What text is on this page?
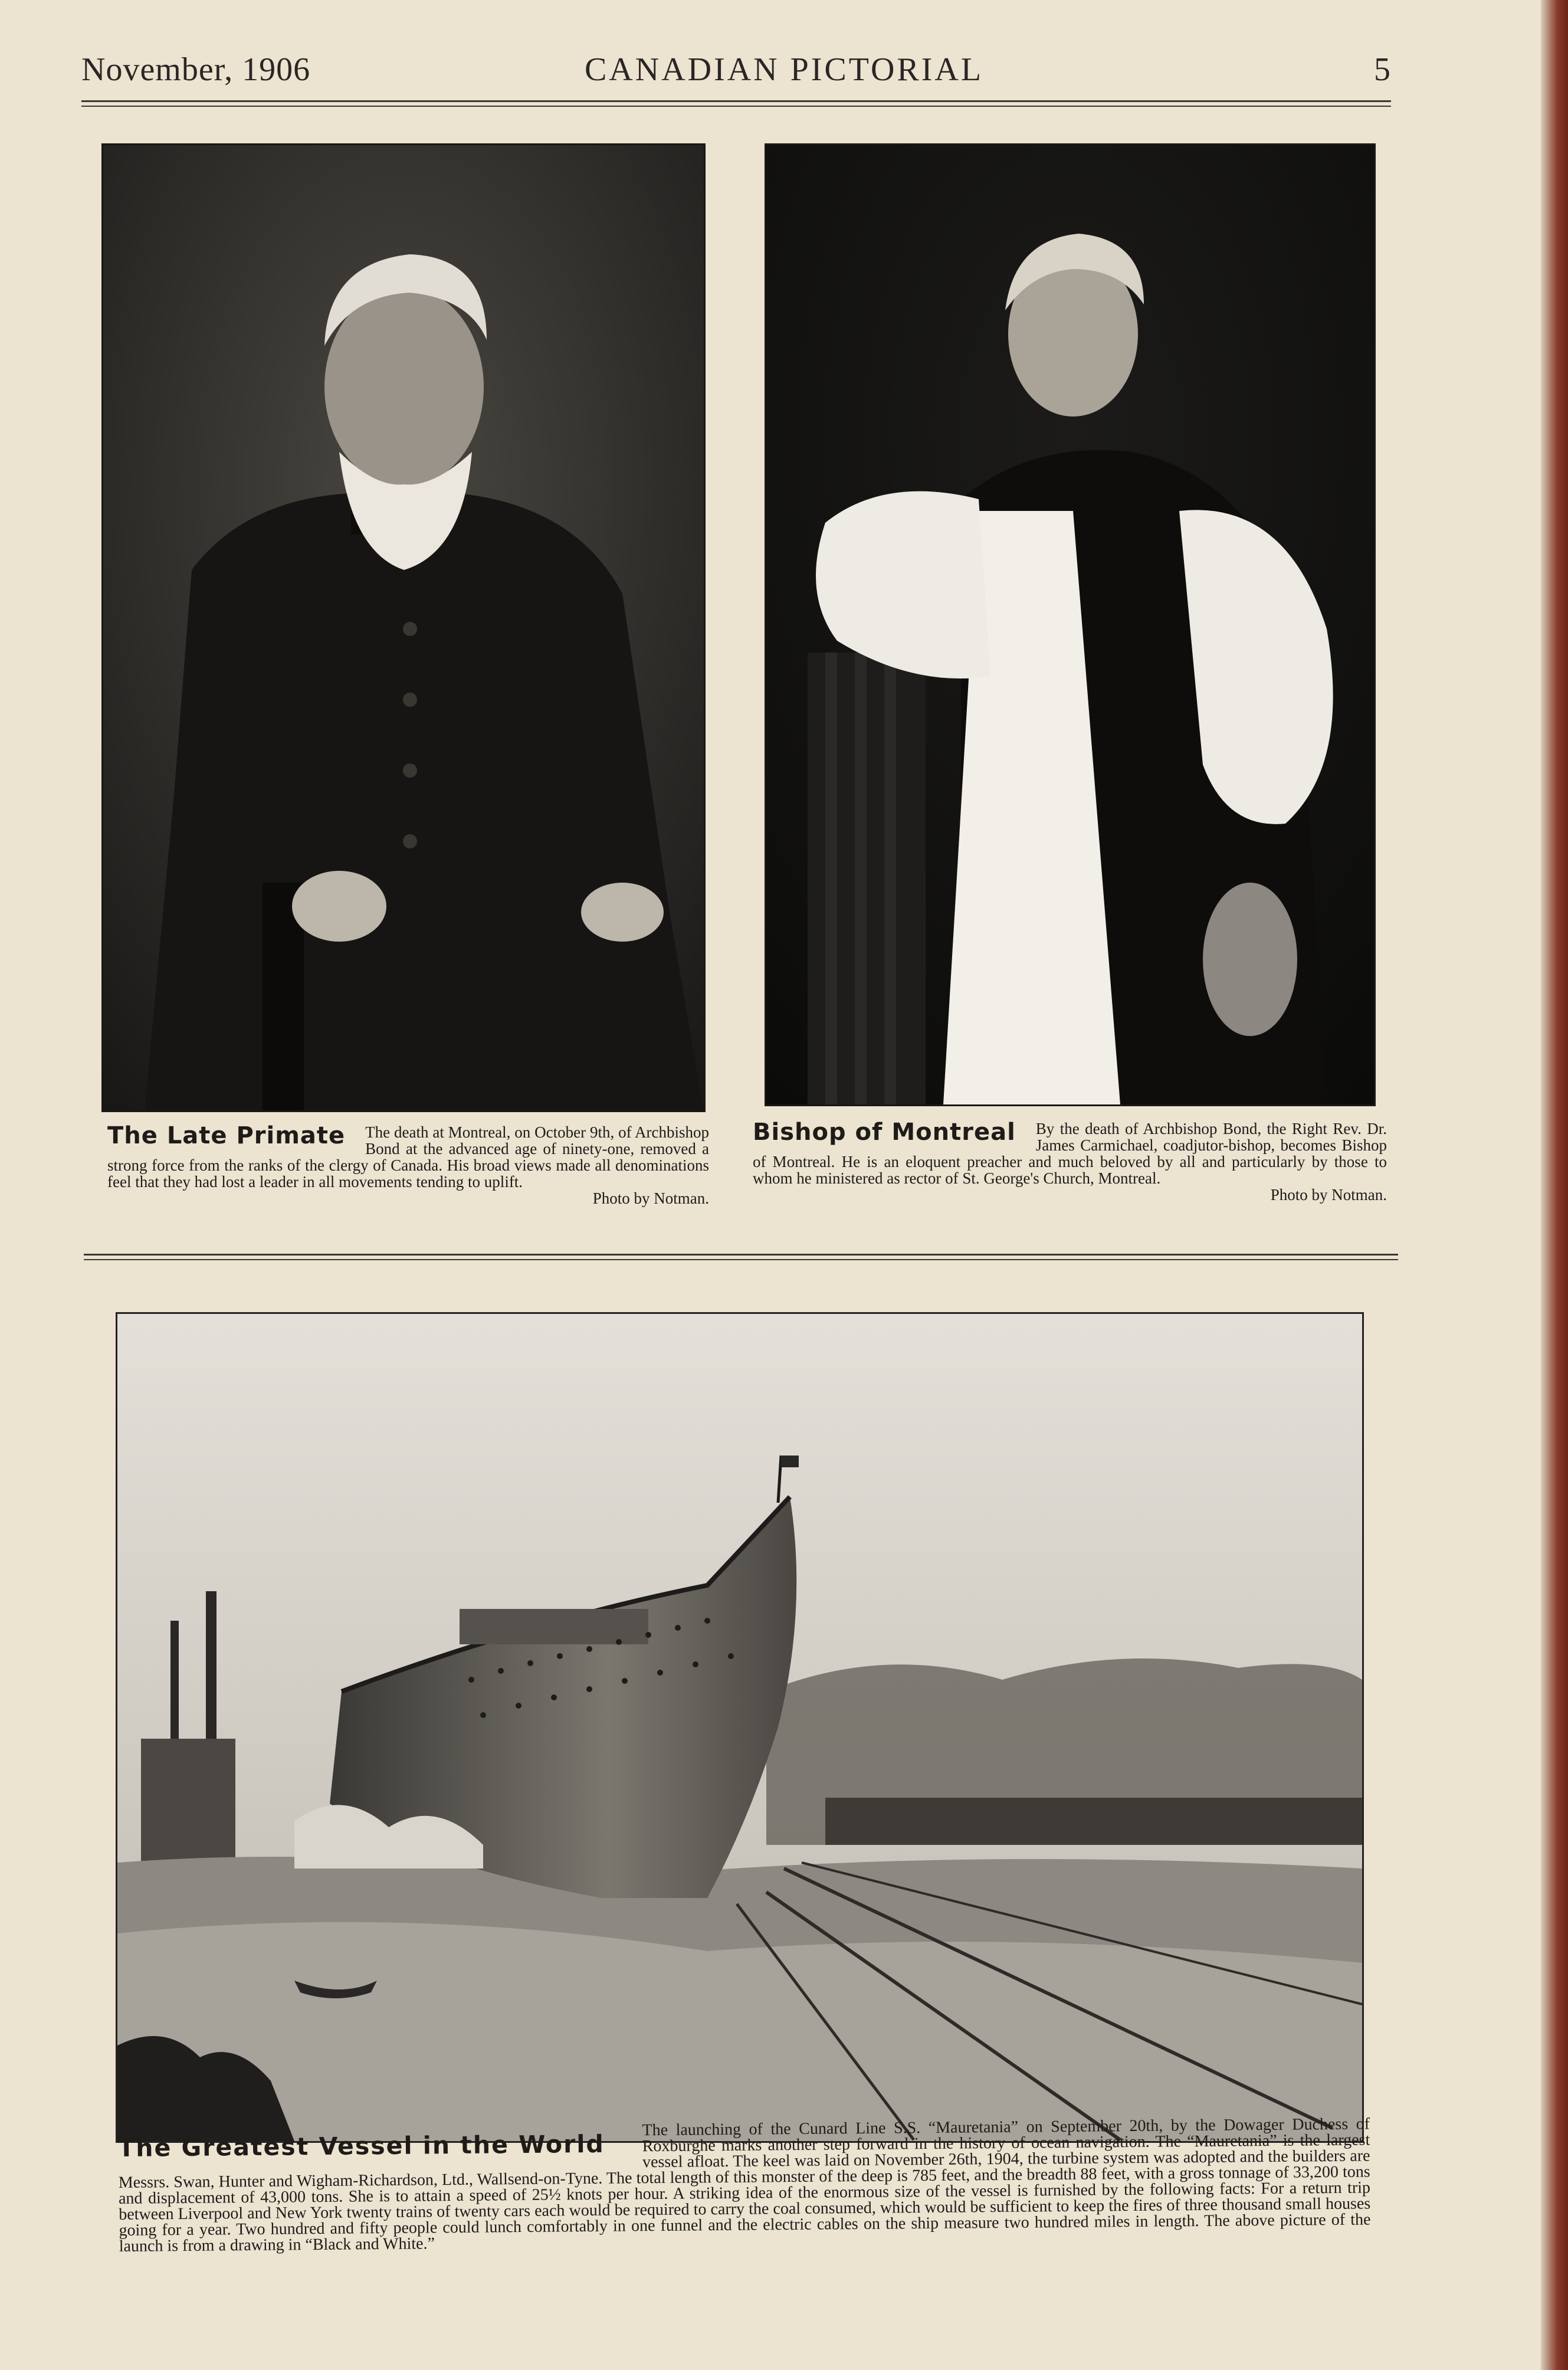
November, 1906	CANADIAN PICTORIAL	5
The Late Primate The death at Montreal, on October 9th, of Archbishop Bond at the advanced age of ninety-one, removed a strong force from the ranks of the clergy of Canada. His broad views made all denominations feel that they had lost a leader in all movements tending to uplift.
Photo by Notman.
Bishop of Montreal By the death of Archbishop Bond, the Right Rev. Dr. James Carmichael, coadjutor-bishop, becomes Bishop of Montreal. He is an eloquent preacher and much beloved by all and particularly by those to whom he ministered as rector of St. George's Church, Montreal.
Photo by Notman.
The Greatest Vessel in the World
The launching of the Cunard Line S.S. “Mauretania” on September 20th, by the Dowager Duchess of Roxburghe marks another step forward in the history of ocean navigation. The “Mauretania” is the largest vessel afloat. The keel was laid on November 26th, 1904, the turbine system was adopted and the builders are Messrs. Swan, Hunter and Wigham-Richardson, Ltd., Wallsend-on-Tyne. The total length of this monster of the deep is 785 feet, and the breadth 88 feet, with a gross tonnage of 33,200 tons and displacement of 43,000 tons. She is to attain a speed of 25½ knots per hour. A striking idea of the enormous size of the vessel is furnished by the following facts: For a return trip between Liverpool and New York twenty trains of twenty cars each would be required to carry the coal consumed, which would be sufficient to keep the fires of three thousand small houses going for a year. Two hundred and fifty people could lunch comfortably in one funnel and the electric cables on the ship measure two hundred miles in length. The above picture of the launch is from a drawing in “Black and White.”
